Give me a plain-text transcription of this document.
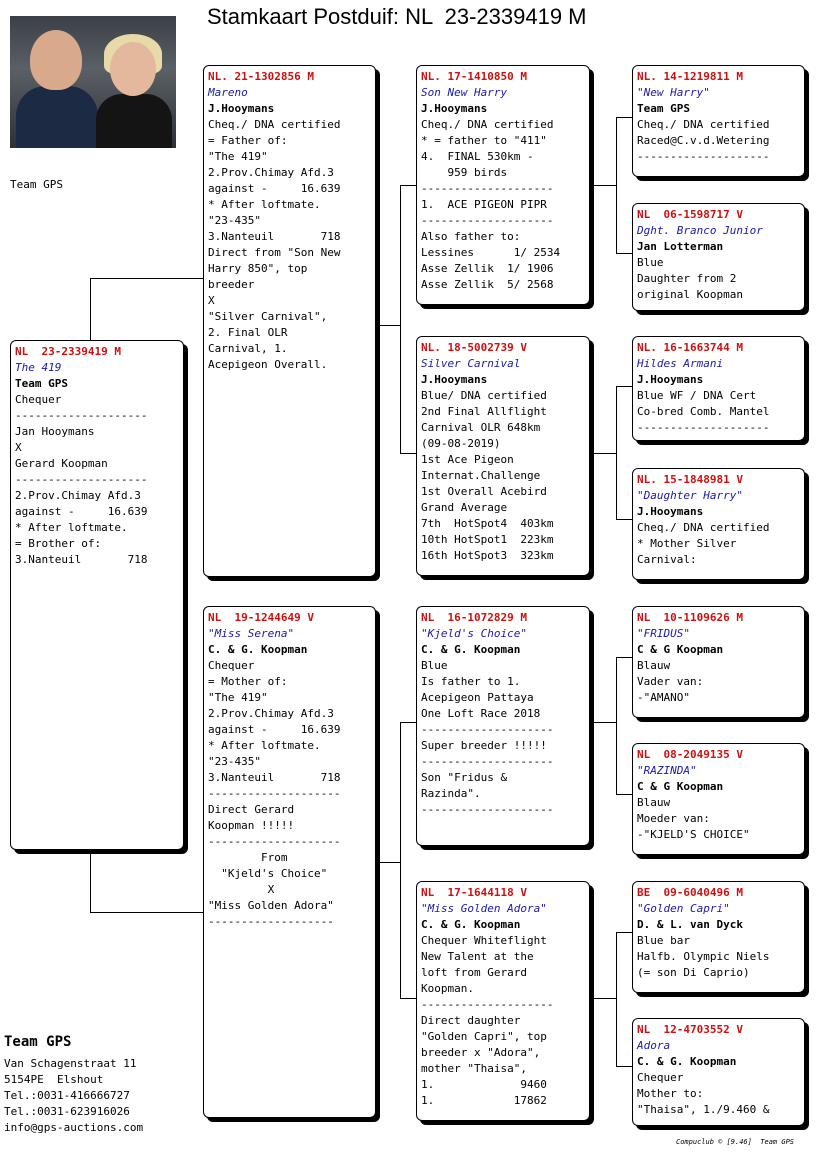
Stamkaart Postduif: NL  23-2339419 M
Team GPS
NL  23-2339419 M
The 419
Team GPS
Chequer
--------------------
Jan Hooymans
X
Gerard Koopman
--------------------
2.Prov.Chimay Afd.3
against -     16.639
* After loftmate.
= Brother of:
3.Nanteuil       718
NL. 21-1302856 M
Mareno
J.Hooymans
Cheq./ DNA certified
= Father of:
"The 419"
2.Prov.Chimay Afd.3
against -     16.639
* After loftmate.
"23-435"
3.Nanteuil       718
Direct from "Son New
Harry 850", top
breeder
X
"Silver Carnival",
2. Final OLR
Carnival, 1.
Acepigeon Overall.
NL  19-1244649 V
"Miss Serena"
C. & G. Koopman
Chequer
= Mother of:
"The 419"
2.Prov.Chimay Afd.3
against -     16.639
* After loftmate.
"23-435"
3.Nanteuil       718
--------------------
Direct Gerard
Koopman !!!!!
--------------------
From
"Kjeld's Choice"
X
"Miss Golden Adora"
-------------------
NL. 17-1410850 M
Son New Harry
J.Hooymans
Cheq./ DNA certified
* = father to "411"
4.  FINAL 530km -
959 birds
--------------------
1.  ACE PIGEON PIPR
--------------------
Also father to:
Lessines      1/ 2534
Asse Zellik  1/ 1906
Asse Zellik  5/ 2568
NL. 18-5002739 V
Silver Carnival
J.Hooymans
Blue/ DNA certified
2nd Final Allflight
Carnival OLR 648km
(09-08-2019)
1st Ace Pigeon
Internat.Challenge
1st Overall Acebird
Grand Average
7th  HotSpot4  403km
10th HotSpot1  223km
16th HotSpot3  323km
NL  16-1072829 M
"Kjeld's Choice"
C. & G. Koopman
Blue
Is father to 1.
Acepigeon Pattaya
One Loft Race 2018
--------------------
Super breeder !!!!!
--------------------
Son "Fridus &
Razinda".
--------------------
NL  17-1644118 V
"Miss Golden Adora"
C. & G. Koopman
Chequer Whiteflight
New Talent at the
loft from Gerard
Koopman.
--------------------
Direct daughter
"Golden Capri", top
breeder x "Adora",
mother "Thaisa",
1.             9460
1.            17862
NL. 14-1219811 M
"New Harry"
Team GPS
Cheq./ DNA certified
Raced@C.v.d.Wetering
--------------------
NL  06-1598717 V
Dght. Branco Junior
Jan Lotterman
Blue
Daughter from 2
original Koopman
NL. 16-1663744 M
Hildes Armani
J.Hooymans
Blue WF / DNA Cert
Co-bred Comb. Mantel
--------------------
NL. 15-1848981 V
"Daughter Harry"
J.Hooymans
Cheq./ DNA certified
* Mother Silver
Carnival:
NL  10-1109626 M
"FRIDUS"
C & G Koopman
Blauw
Vader van:
-"AMANO"
NL  08-2049135 V
"RAZINDA"
C & G Koopman
Blauw
Moeder van:
-"KJELD'S CHOICE"
BE  09-6040496 M
"Golden Capri"
D. & L. van Dyck
Blue bar
Halfb. Olympic Niels
(= son Di Caprio)
NL  12-4703552 V
Adora
C. & G. Koopman
Chequer
Mother to:
"Thaisa", 1./9.460 &
Team GPS
Van Schagenstraat 11
5154PE  Elshout
Tel.:0031-416666727
Tel.:0031-623916026
info@gps-auctions.com
Compuclub © [9.46]  Team GPS
